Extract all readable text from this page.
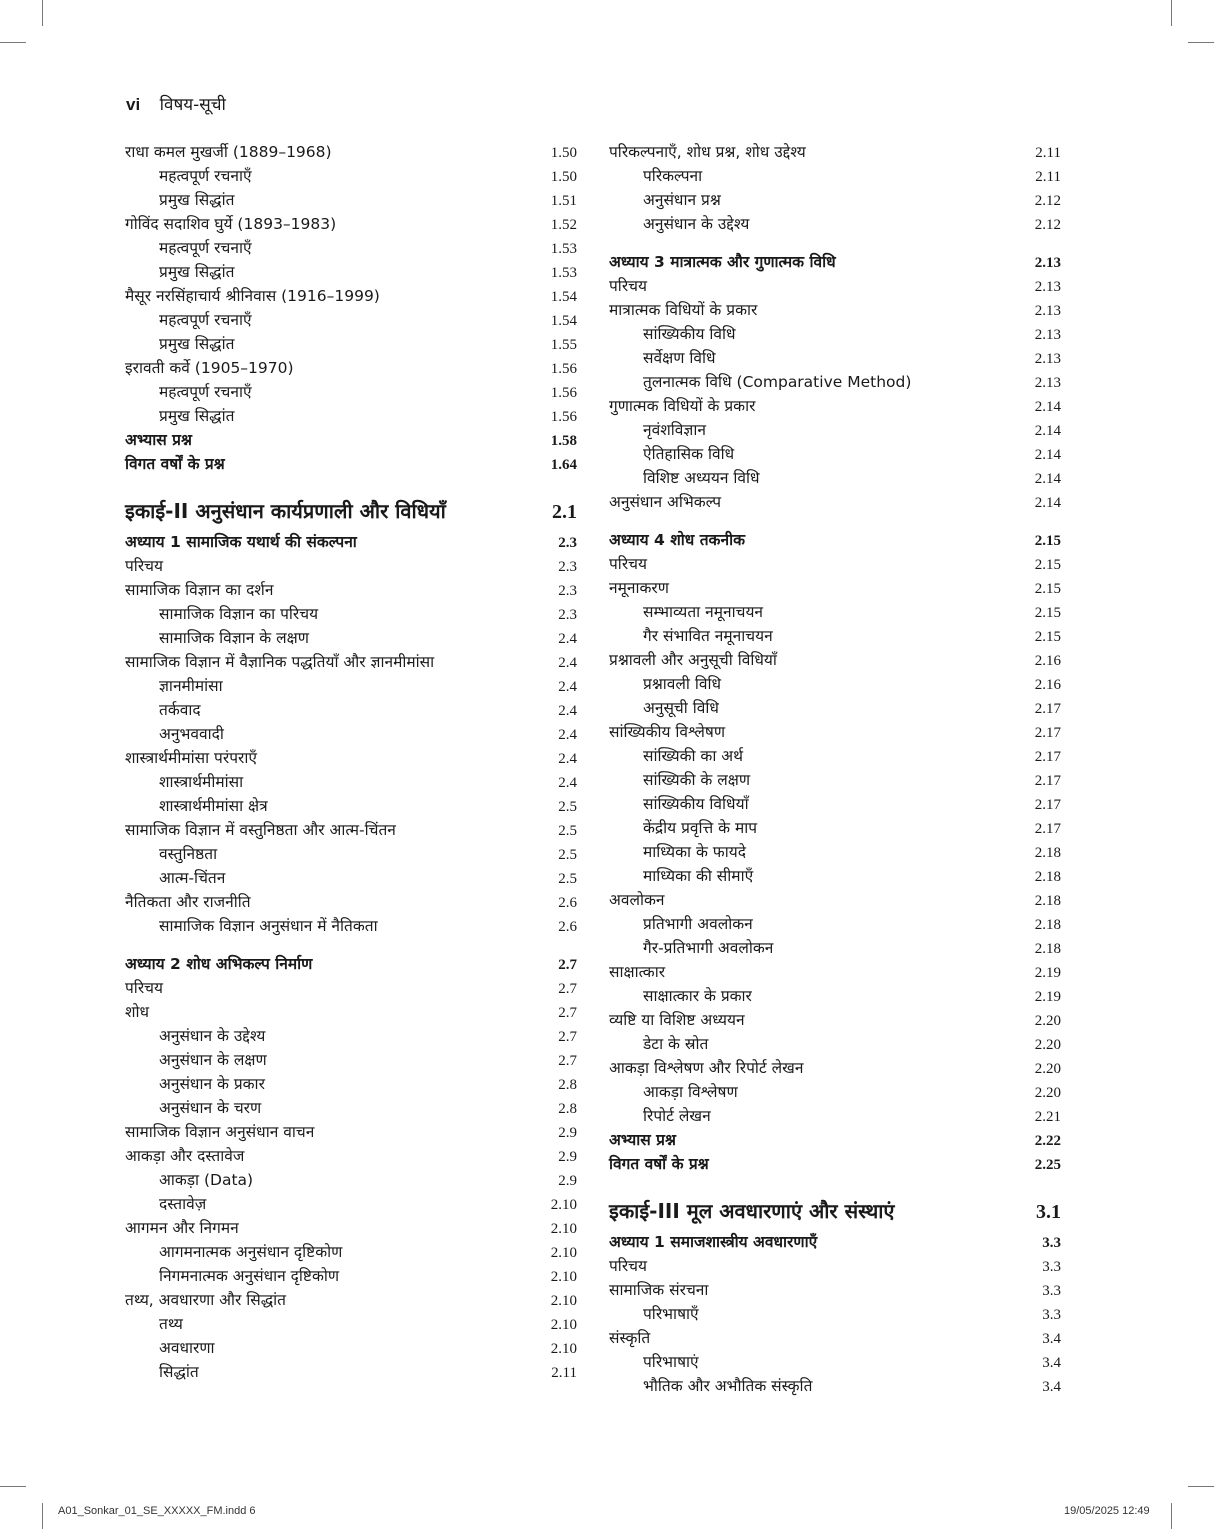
vi विषय-सूची
राधा कमल मुखर्जी (1889–1968)	1.50
महत्वपूर्ण रचनाएँ	1.50
प्रमुख सिद्धांत	1.51
गोविंद सदाशिव घुर्ये (1893–1983)	1.52
महत्वपूर्ण रचनाएँ	1.53
प्रमुख सिद्धांत	1.53
मैसूर नरसिंहाचार्य श्रीनिवास (1916–1999)	1.54
महत्वपूर्ण रचनाएँ	1.54
प्रमुख सिद्धांत	1.55
इरावती कर्वे (1905–1970)	1.56
महत्वपूर्ण रचनाएँ	1.56
प्रमुख सिद्धांत	1.56
अभ्यास प्रश्न	1.58
विगत वर्षों के प्रश्न	1.64
इकाई-II अनुसंधान कार्यप्रणाली और विधियाँ	2.1
अध्याय 1 सामाजिक यथार्थ की संकल्पना	2.3
परिचय	2.3
सामाजिक विज्ञान का दर्शन	2.3
सामाजिक विज्ञान का परिचय	2.3
सामाजिक विज्ञान के लक्षण	2.4
सामाजिक विज्ञान में वैज्ञानिक पद्धतियाँ और ज्ञानमीमांसा	2.4
ज्ञानमीमांसा	2.4
तर्कवाद	2.4
अनुभववादी	2.4
शास्त्रार्थमीमांसा परंपराएँ	2.4
शास्त्रार्थमीमांसा	2.4
शास्त्रार्थमीमांसा क्षेत्र	2.5
सामाजिक विज्ञान में वस्तुनिष्ठता और आत्म-चिंतन	2.5
वस्तुनिष्ठता	2.5
आत्म-चिंतन	2.5
नैतिकता और राजनीति	2.6
सामाजिक विज्ञान अनुसंधान में नैतिकता	2.6
अध्याय 2 शोध अभिकल्प निर्माण	2.7
परिचय	2.7
शोध	2.7
अनुसंधान के उद्देश्य	2.7
अनुसंधान के लक्षण	2.7
अनुसंधान के प्रकार	2.8
अनुसंधान के चरण	2.8
सामाजिक विज्ञान अनुसंधान वाचन	2.9
आकड़ा और दस्तावेज	2.9
आकड़ा (Data)	2.9
दस्तावेज़	2.10
आगमन और निगमन	2.10
आगमनात्मक अनुसंधान दृष्टिकोण	2.10
निगमनात्मक अनुसंधान दृष्टिकोण	2.10
तथ्य, अवधारणा और सिद्धांत	2.10
तथ्य	2.10
अवधारणा	2.10
सिद्धांत	2.11
परिकल्पनाएँ, शोध प्रश्न, शोध उद्देश्य	2.11
परिकल्पना	2.11
अनुसंधान प्रश्न	2.12
अनुसंधान के उद्देश्य	2.12
अध्याय 3 मात्रात्मक और गुणात्मक विधि	2.13
परिचय	2.13
मात्रात्मक विधियों के प्रकार	2.13
सांख्यिकीय विधि	2.13
सर्वेक्षण विधि	2.13
तुलनात्मक विधि (Comparative Method)	2.13
गुणात्मक विधियों के प्रकार	2.14
नृवंशविज्ञान	2.14
ऐतिहासिक विधि	2.14
विशिष्ट अध्ययन विधि	2.14
अनुसंधान अभिकल्प	2.14
अध्याय 4 शोध तकनीक	2.15
परिचय	2.15
नमूनाकरण	2.15
सम्भाव्यता नमूनाचयन	2.15
गैर संभावित नमूनाचयन	2.15
प्रश्नावली और अनुसूची विधियाँ	2.16
प्रश्नावली विधि	2.16
अनुसूची विधि	2.17
सांख्यिकीय विश्लेषण	2.17
सांख्यिकी का अर्थ	2.17
सांख्यिकी के लक्षण	2.17
सांख्यिकीय विधियाँ	2.17
केंद्रीय प्रवृत्ति के माप	2.17
माध्यिका के फायदे	2.18
माध्यिका की सीमाएँ	2.18
अवलोकन	2.18
प्रतिभागी अवलोकन	2.18
गैर-प्रतिभागी अवलोकन	2.18
साक्षात्कार	2.19
साक्षात्कार के प्रकार	2.19
व्यष्टि या विशिष्ट अध्ययन	2.20
डेटा के स्रोत	2.20
आकड़ा विश्लेषण और रिपोर्ट लेखन	2.20
आकड़ा विश्लेषण	2.20
रिपोर्ट लेखन	2.21
अभ्यास प्रश्न	2.22
विगत वर्षों के प्रश्न	2.25
इकाई-III मूल अवधारणाएं और संस्थाएं	3.1
अध्याय 1 समाजशास्त्रीय अवधारणाएँ	3.3
परिचय	3.3
सामाजिक संरचना	3.3
परिभाषाएँ	3.3
संस्कृति	3.4
परिभाषाएं	3.4
भौतिक और अभौतिक संस्कृति	3.4
A01_Sonkar_01_SE_XXXXX_FM.indd 6	19/05/2025 12:49
